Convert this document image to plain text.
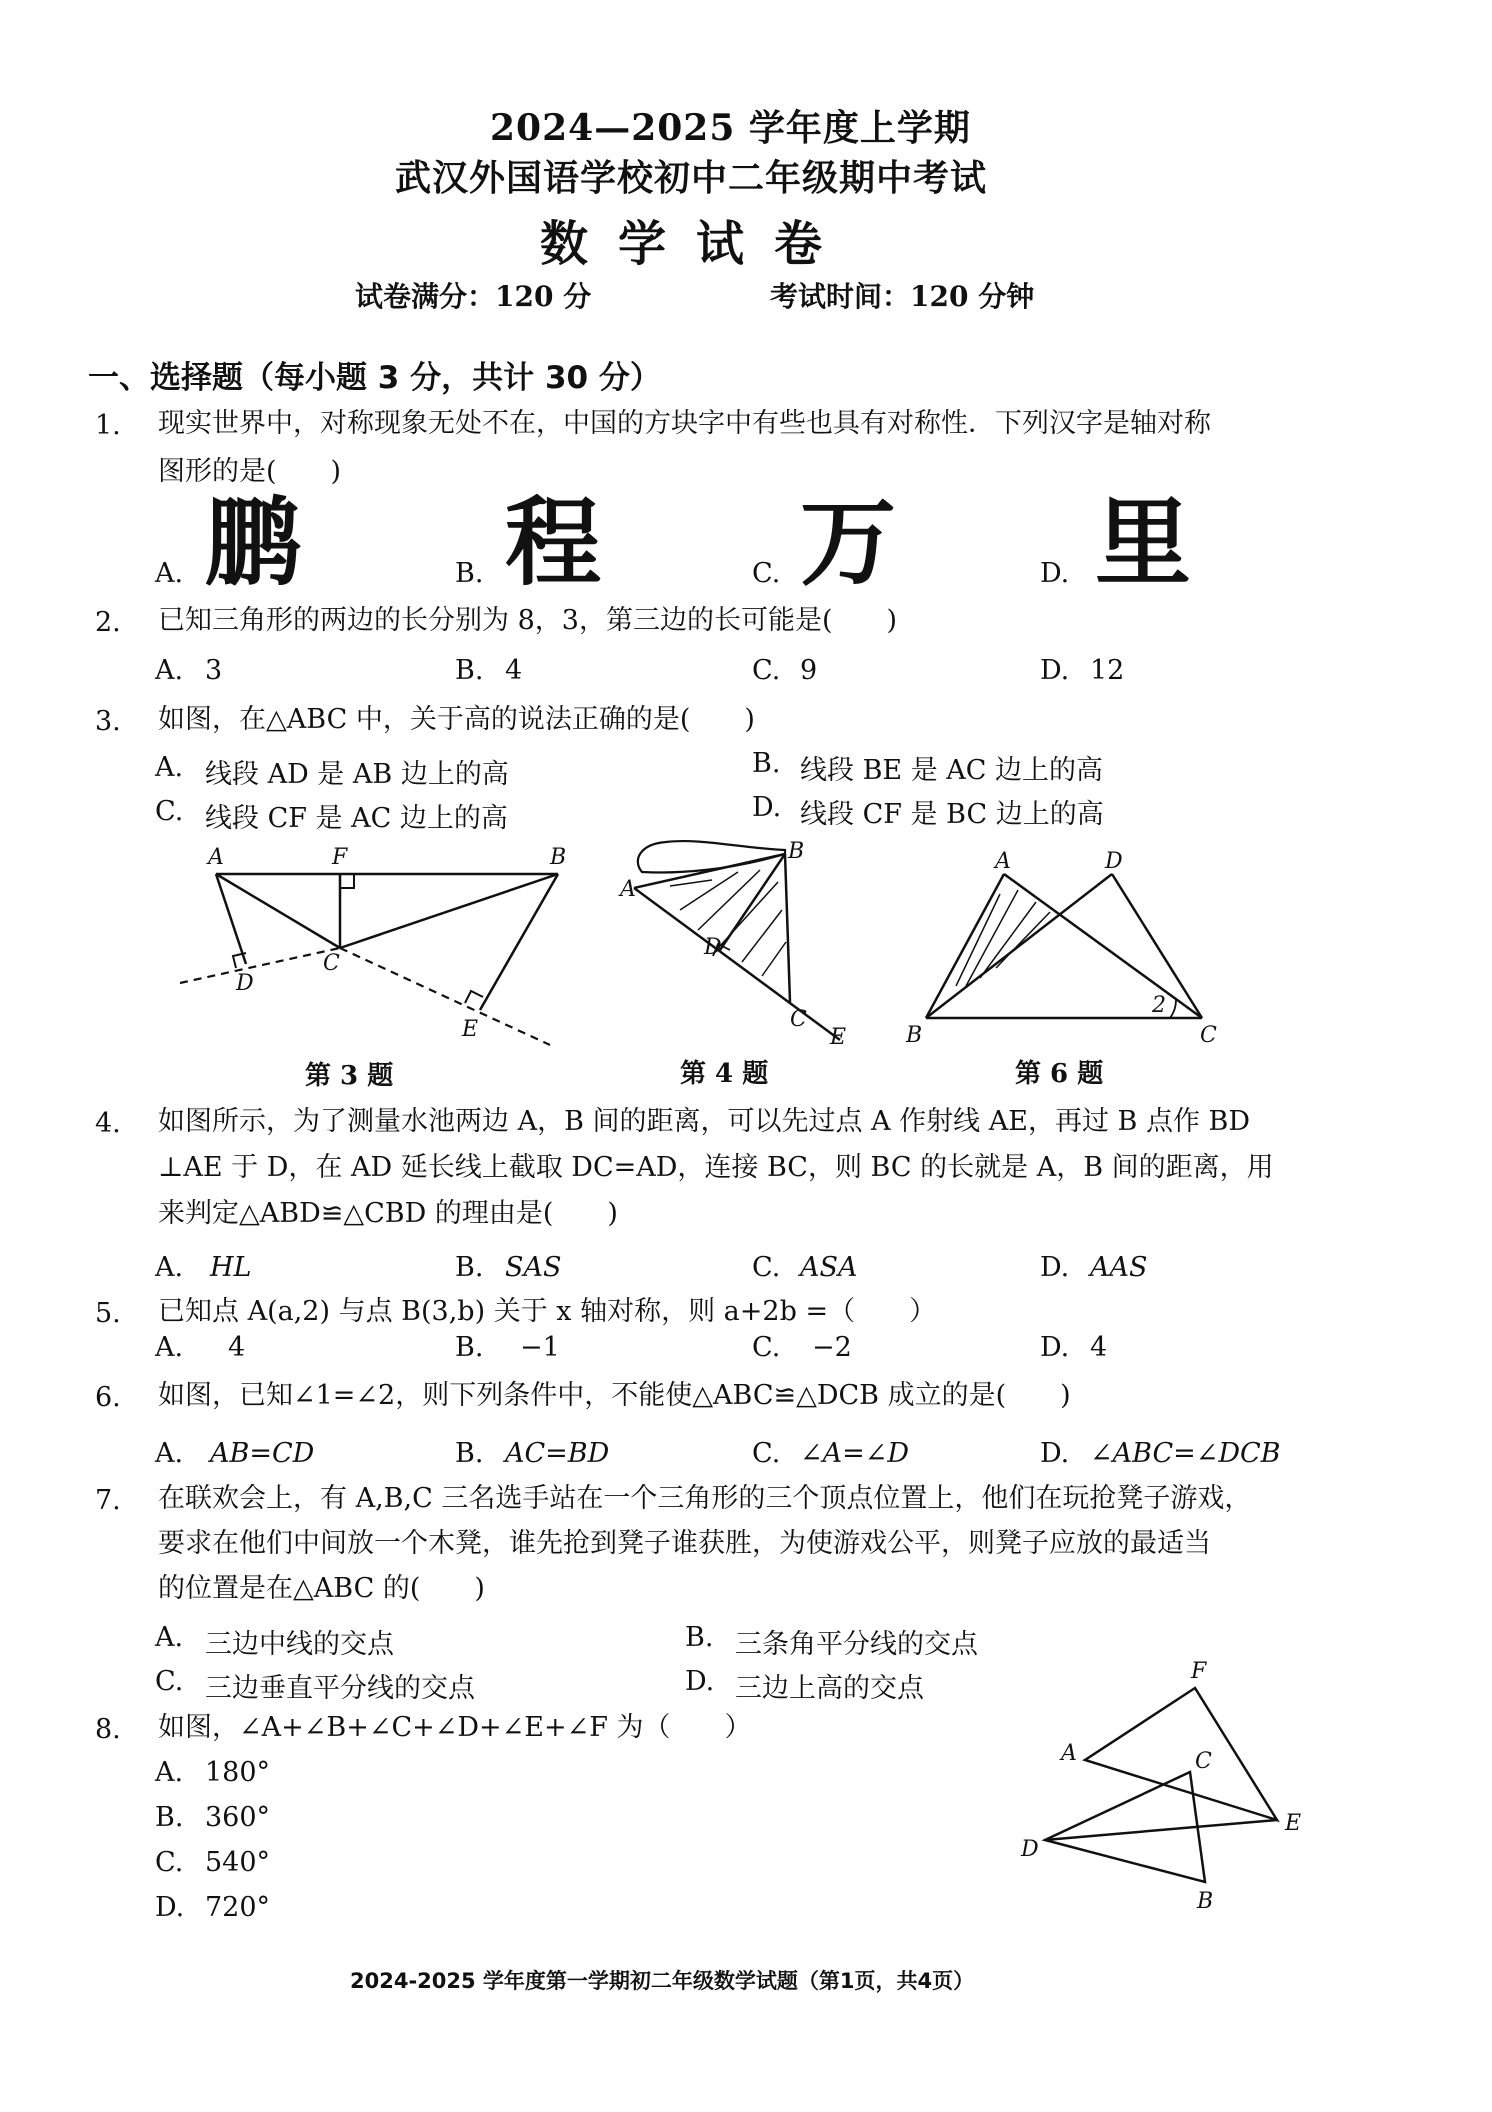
2024—2025 学年度上学期
武汉外国语学校初中二年级期中考试
数学试卷
试卷满分：120 分	考试时间：120 分钟
一、选择题（每小题 3 分，共计 30 分）
1. 现实世界中，对称现象无处不在，中国的方块字中有些也具有对称性．下列汉字是轴对称
图形的是(　　)
A. 鹏	B. 程	C. 万	D. 里
2. 已知三角形的两边的长分别为 8，3，第三边的长可能是(　　)
A. 3	B. 4	C. 9	D. 12
3. 如图，在△ABC 中，关于高的说法正确的是(　　)
A. 线段 AD 是 AB 边上的高	B. 线段 BE 是 AC 边上的高
C. 线段 CF 是 AC 边上的高	D. 线段 CF 是 BC 边上的高
A	F	B
C
D
E
第 3 题
A
B
D
C
E
第 4 题
A	D
B	C
2
第 6 题
4. 如图所示，为了测量水池两边 A，B 间的距离，可以先过点 A 作射线 AE，再过 B 点作 BD
⊥AE 于 D，在 AD 延长线上截取 DC=AD，连接 BC，则 BC 的长就是 A，B 间的距离，用
来判定△ABD≌△CBD 的理由是(　　)
A. HL	B. SAS	C. ASA	D. AAS
5. 已知点 A(a,2) 与点 B(3,b) 关于 x 轴对称，则 a+2b =（　　）
A. 4	B. −1	C. −2	D. 4
6. 如图，已知∠1=∠2，则下列条件中，不能使△ABC≌△DCB 成立的是(　　)
A. AB=CD	B. AC=BD	C. ∠A=∠D	D. ∠ABC=∠DCB
7. 在联欢会上，有 A,B,C 三名选手站在一个三角形的三个顶点位置上，他们在玩抢凳子游戏，
要求在他们中间放一个木凳，谁先抢到凳子谁获胜，为使游戏公平，则凳子应放的最适当
的位置是在△ABC 的(　　)
A. 三边中线的交点	B. 三条角平分线的交点
C. 三边垂直平分线的交点	D. 三边上高的交点
8. 如图，∠A+∠B+∠C+∠D+∠E+∠F 为（　　）
A. 180°
B. 360°
C. 540°
D. 720°
F
A	C
E
D
B
2024-2025 学年度第一学期初二年级数学试题（第1页，共4页）
